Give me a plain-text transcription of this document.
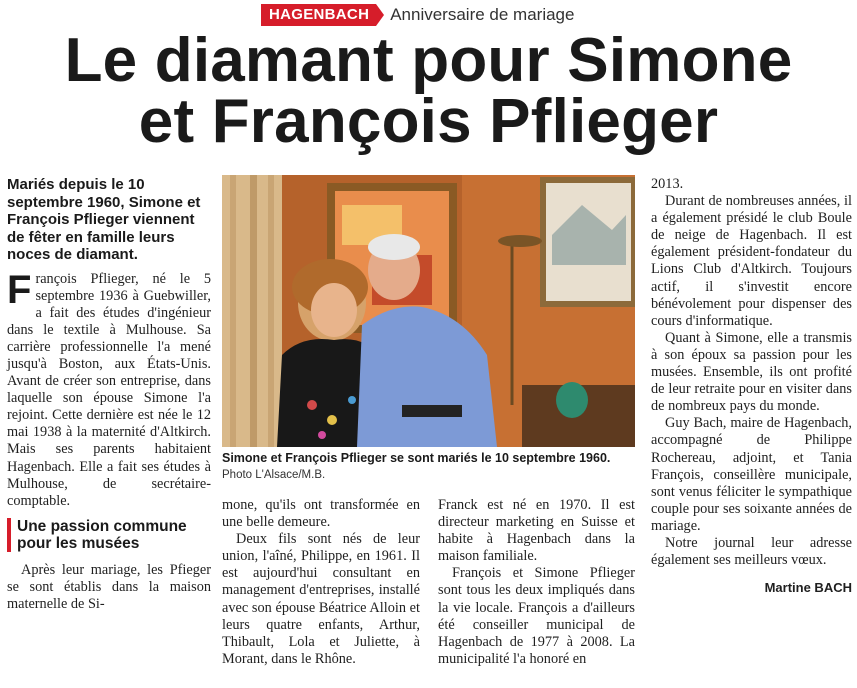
HAGENBACH	Anniversaire de mariage
Le diamant pour Simone
et François Pflieger
Mariés depuis le 10 septembre 1960, Simone et François Pflieger viennent de fêter en famille leurs noces de diamant.

François Pflieger, né le 5 septembre 1936 à Guebwiller, a fait des études d'ingénieur dans le textile à Mulhouse. Sa carrière professionnelle l'a mené jusqu'à Boston, aux États-Unis. Avant de créer son entreprise, dans laquelle son épouse Simone l'a rejoint. Cette dernière est née le 12 mai 1938 à la maternité d'Altkirch. Mais ses parents habitaient Hagenbach. Elle a fait ses études à Mulhouse, de secrétaire-comptable.

Une passion commune pour les musées

Après leur mariage, les Pfieger se sont établis dans la maison maternelle de Si-

Simone et François Pflieger se sont mariés le 10 septembre 1960. Photo L'Alsace/M.B.

mone, qu'ils ont transformée en une belle demeure.

Deux fils sont nés de leur union, l'aîné, Philippe, en 1961. Il est aujourd'hui consultant en management d'entreprises, installé avec son épouse Béatrice Alloin et leurs quatre enfants, Arthur, Thibault, Lola et Juliette, à Morant, dans le Rhône.

Franck est né en 1970. Il est directeur marketing en Suisse et habite à Hagenbach dans la maison familiale.

François et Simone Pflieger sont tous les deux impliqués dans la vie locale. François a d'ailleurs été conseiller municipal de Hagenbach de 1977 à 2008. La municipalité l'a honoré en

2013.

Durant de nombreuses années, il a également présidé le club Boule de neige de Hagenbach. Il est également président-fondateur du Lions Club d'Altkirch. Toujours actif, il s'investit encore bénévolement pour dispenser des cours d'informatique.

Quant à Simone, elle a transmis à son époux sa passion pour les musées. Ensemble, ils ont profité de leur retraite pour en visiter dans de nombreux pays du monde.

Guy Bach, maire de Hagenbach, accompagné de Philippe Rochereau, adjoint, et Tania François, conseillère municipale, sont venus féliciter le sympathique couple pour ses soixante années de mariage.

Notre journal leur adresse également ses meilleurs vœux.

Martine BACH
